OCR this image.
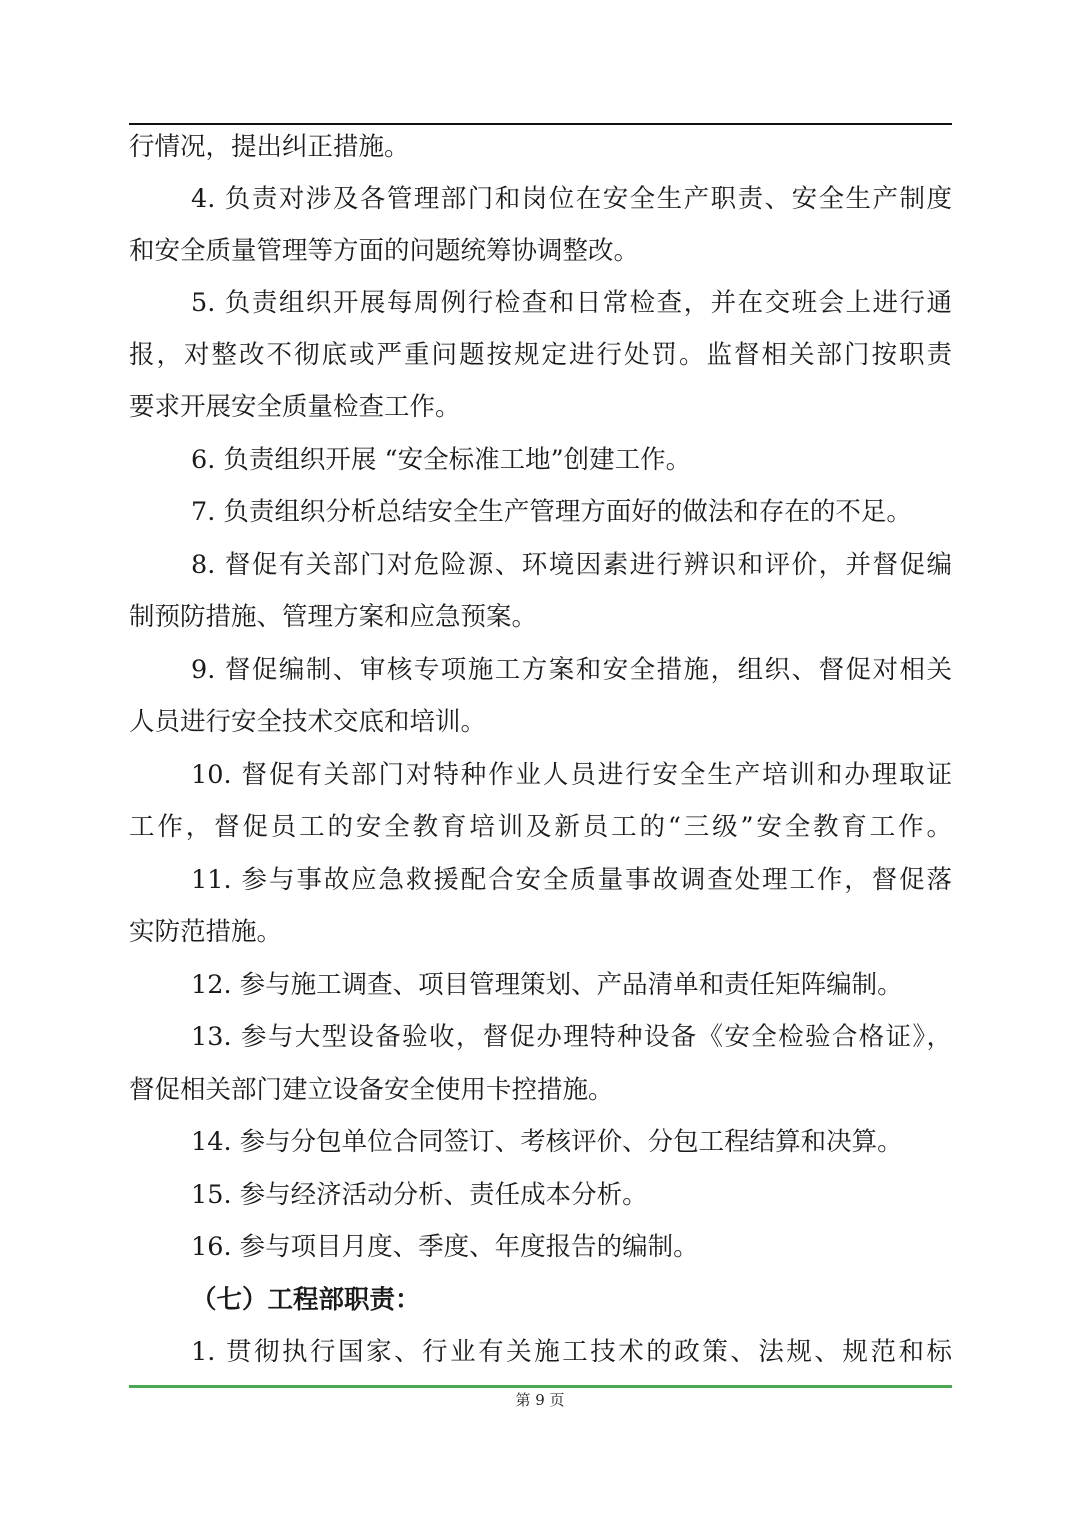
行情况，提出纠正措施。
4. 负责对涉及各管理部门和岗位在安全生产职责、安全生产制度
和安全质量管理等方面的问题统筹协调整改。
5. 负责组织开展每周例行检查和日常检查，并在交班会上进行通
报，对整改不彻底或严重问题按规定进行处罚。监督相关部门按职责
要求开展安全质量检查工作。
6. 负责组织开展 “安全标准工地”创建工作。
7. 负责组织分析总结安全生产管理方面好的做法和存在的不足。
8. 督促有关部门对危险源、环境因素进行辨识和评价，并督促编
制预防措施、管理方案和应急预案。
9. 督促编制、审核专项施工方案和安全措施，组织、督促对相关
人员进行安全技术交底和培训。
10. 督促有关部门对特种作业人员进行安全生产培训和办理取证
工作，督促员工的安全教育培训及新员工的“三级”安全教育工作。
11. 参与事故应急救援配合安全质量事故调查处理工作，督促落
实防范措施。
12. 参与施工调查、项目管理策划、产品清单和责任矩阵编制。
13. 参与大型设备验收，督促办理特种设备《安全检验合格证》，
督促相关部门建立设备安全使用卡控措施。
14. 参与分包单位合同签订、考核评价、分包工程结算和决算。
15. 参与经济活动分析、责任成本分析。
16. 参与项目月度、季度、年度报告的编制。
（七）工程部职责：
1. 贯彻执行国家、行业有关施工技术的政策、法规、规范和标
第 9 页
